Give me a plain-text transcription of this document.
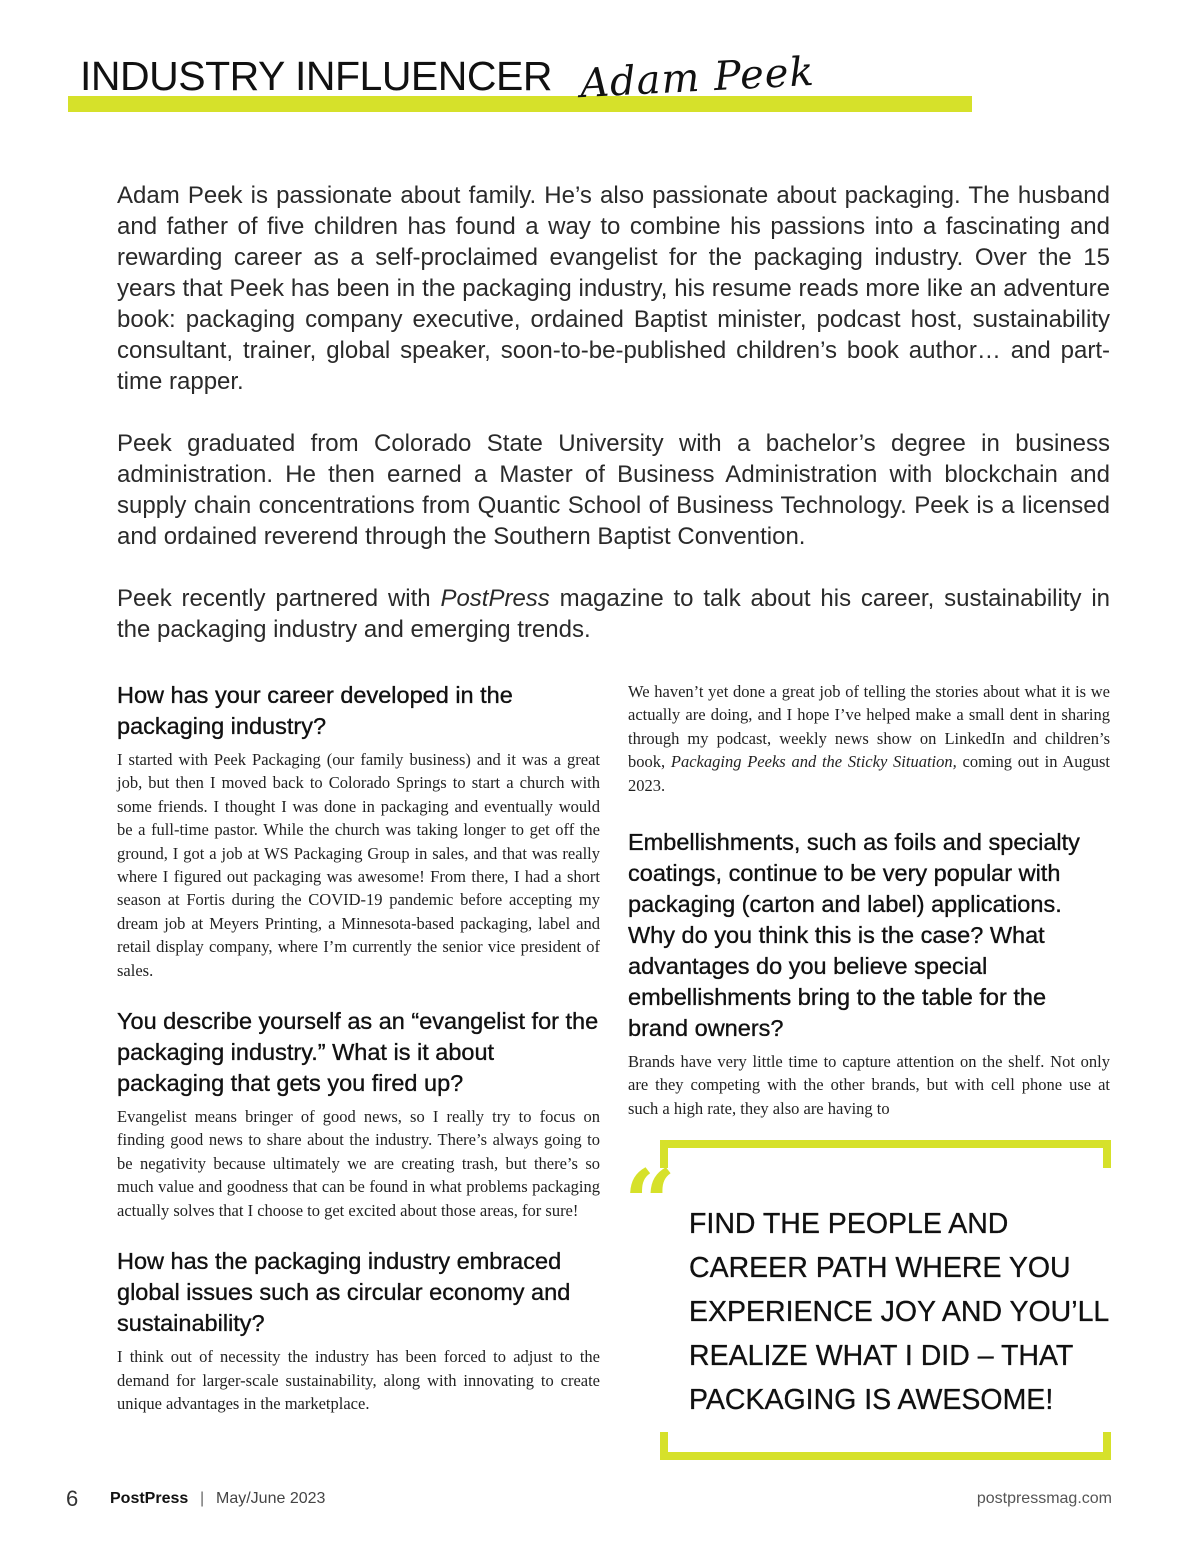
INDUSTRY INFLUENCER Adam Peek

Adam Peek is passionate about family. He’s also passionate about packaging. The husband and father of five children has found a way to combine his passions into a fascinating and rewarding career as a self-proclaimed evangelist for the packaging industry. Over the 15 years that Peek has been in the packaging industry, his resume reads more like an adventure book: packaging company executive, ordained Baptist minister, podcast host, sustainability consultant, trainer, global speaker, soon-to-be-published children’s book author… and part-time rapper.

Peek graduated from Colorado State University with a bachelor’s degree in business administration. He then earned a Master of Business Administration with blockchain and supply chain concentrations from Quantic School of Business Technology. Peek is a licensed and ordained reverend through the Southern Baptist Convention.

Peek recently partnered with PostPress magazine to talk about his career, sustainability in the packaging industry and emerging trends.

How has your career developed in the packaging industry?
I started with Peek Packaging (our family business) and it was a great job, but then I moved back to Colorado Springs to start a church with some friends. I thought I was done in packaging and eventually would be a full-time pastor. While the church was taking longer to get off the ground, I got a job at WS Packaging Group in sales, and that was really where I figured out packaging was awesome! From there, I had a short season at Fortis during the COVID-19 pandemic before accepting my dream job at Meyers Printing, a Minnesota-based packaging, label and retail display company, where I’m currently the senior vice president of sales.
You describe yourself as an “evangelist for the packaging industry.” What is it about packaging that gets you fired up?
Evangelist means bringer of good news, so I really try to focus on finding good news to share about the industry. There’s always going to be negativity because ultimately we are creating trash, but there’s so much value and goodness that can be found in what problems packaging actually solves that I choose to get excited about those areas, for sure!
How has the packaging industry embraced global issues such as circular economy and sustainability?
I think out of necessity the industry has been forced to adjust to the demand for larger-scale sustainability, along with innovating to create unique advantages in the marketplace.
We haven’t yet done a great job of telling the stories about what it is we actually are doing, and I hope I’ve helped make a small dent in sharing through my podcast, weekly news show on LinkedIn and children’s book, Packaging Peeks and the Sticky Situation, coming out in August 2023.
Embellishments, such as foils and specialty coatings, continue to be very popular with packaging (carton and label) applications. Why do you think this is the case? What advantages do you believe special embellishments bring to the table for the brand owners?
Brands have very little time to capture attention on the shelf. Not only are they competing with the other brands, but with cell phone use at such a high rate, they also are having to
“ FIND THE PEOPLE AND CAREER PATH WHERE YOU EXPERIENCE JOY AND YOU’LL REALIZE WHAT I DID – THAT PACKAGING IS AWESOME!
6 PostPress | May/June 2023	postpressmag.com
